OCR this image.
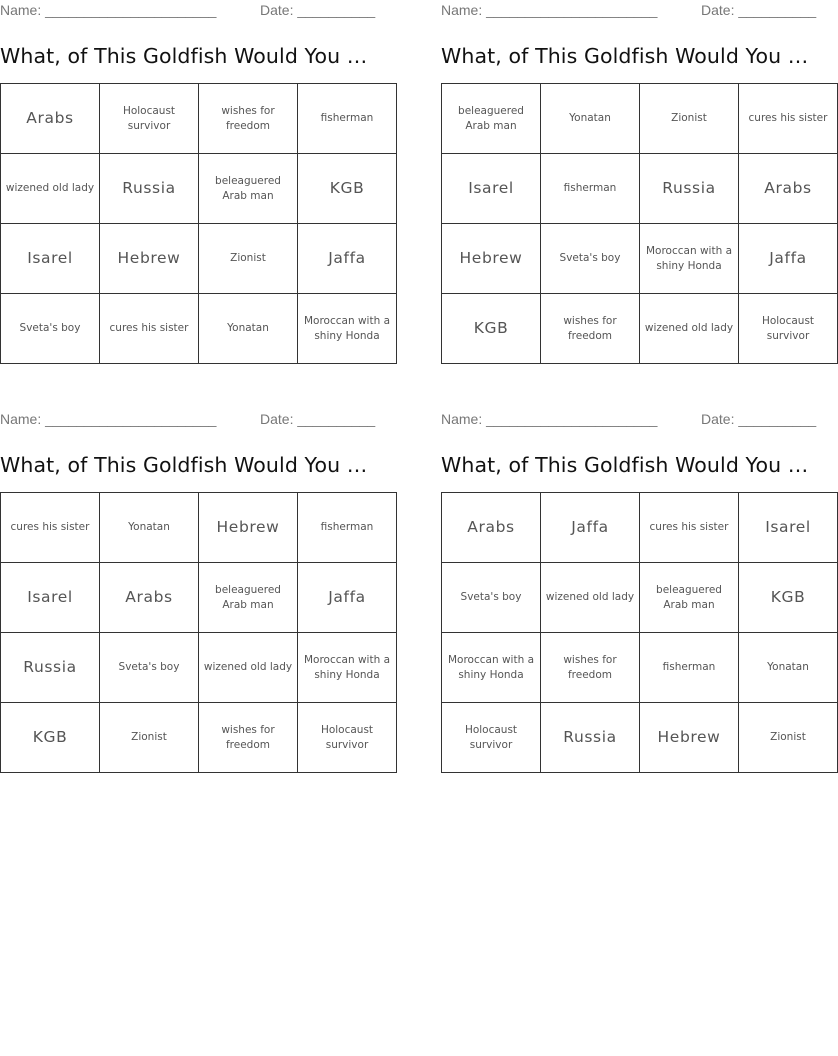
Name: ______________________	Date: __________
What, of This Goldfish Would You …
Arabs	Holocaust survivor	wishes for freedom	fisherman
wizened old lady	Russia	beleaguered Arab man	KGB
Isarel	Hebrew	Zionist	Jaffa
Sveta's boy	cures his sister	Yonatan	Moroccan with a shiny Honda
Name: ______________________	Date: __________
What, of This Goldfish Would You …
beleaguered Arab man	Yonatan	Zionist	cures his sister
Isarel	fisherman	Russia	Arabs
Hebrew	Sveta's boy	Moroccan with a shiny Honda	Jaffa
KGB	wishes for freedom	wizened old lady	Holocaust survivor
Name: ______________________	Date: __________
What, of This Goldfish Would You …
cures his sister	Yonatan	Hebrew	fisherman
Isarel	Arabs	beleaguered Arab man	Jaffa
Russia	Sveta's boy	wizened old lady	Moroccan with a shiny Honda
KGB	Zionist	wishes for freedom	Holocaust survivor
Name: ______________________	Date: __________
What, of This Goldfish Would You …
Arabs	Jaffa	cures his sister	Isarel
Sveta's boy	wizened old lady	beleaguered Arab man	KGB
Moroccan with a shiny Honda	wishes for freedom	fisherman	Yonatan
Holocaust survivor	Russia	Hebrew	Zionist
